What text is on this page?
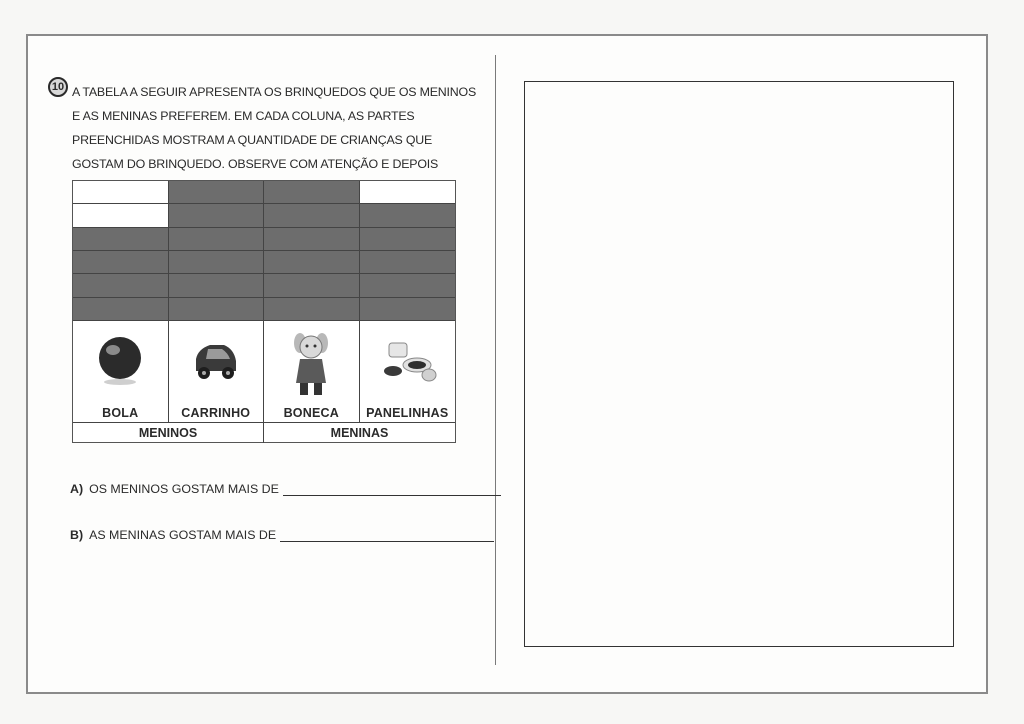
10 A TABELA A SEGUIR APRESENTA OS BRINQUEDOS QUE OS MENINOS E AS MENINAS PREFEREM. EM CADA COLUNA, AS PARTES PREENCHIDAS MOSTRAM A QUANTIDADE DE CRIANÇAS QUE GOSTAM DO BRINQUEDO. OBSERVE COM ATENÇÃO E DEPOIS

BOLA	CARRINHO	BONECA	PANELINHAS
MENINOS	MENINAS
A) OS MENINOS GOSTAM MAIS DE
B) AS MENINAS GOSTAM MAIS DE
